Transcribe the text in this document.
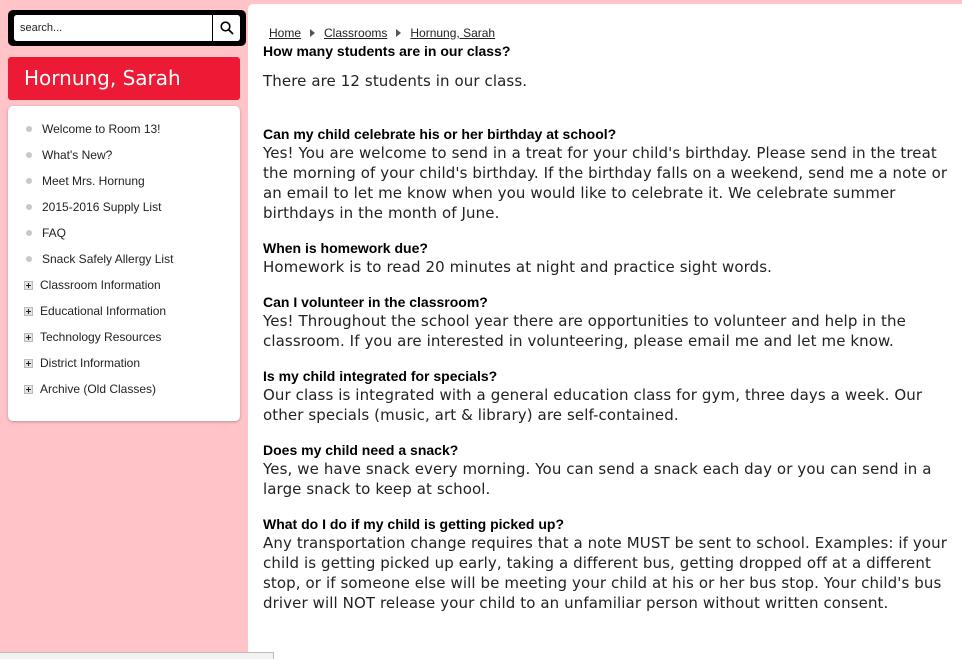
search...
Hornung, Sarah
Welcome to Room 13!
What's New?
Meet Mrs. Hornung
2015-2016 Supply List
FAQ
Snack Safely Allergy List
Classroom Information
Educational Information
Technology Resources
District Information
Archive (Old Classes)
Home Classrooms Hornung, Sarah
How many students are in our class?
There are 12 students in our class.
Can my child celebrate his or her birthday at school?
Yes! You are welcome to send in a treat for your child's birthday. Please send in the treat the morning of your child's birthday. If the birthday falls on a weekend, send me a note or an email to let me know when you would like to celebrate it. We celebrate summer birthdays in the month of June.
When is homework due?
Homework is to read 20 minutes at night and practice sight words.
Can I volunteer in the classroom?
Yes! Throughout the school year there are opportunities to volunteer and help in the classroom. If you are interested in volunteering, please email me and let me know.
Is my child integrated for specials?
Our class is integrated with a general education class for gym, three days a week. Our other specials (music, art & library) are self-contained.
Does my child need a snack?
Yes, we have snack every morning. You can send a snack each day or you can send in a large snack to keep at school.
What do I do if my child is getting picked up?
Any transportation change requires that a note MUST be sent to school. Examples: if your child is getting picked up early, taking a different bus, getting dropped off at a different stop, or if someone else will be meeting your child at his or her bus stop. Your child's bus driver will NOT release your child to an unfamiliar person without written consent.
